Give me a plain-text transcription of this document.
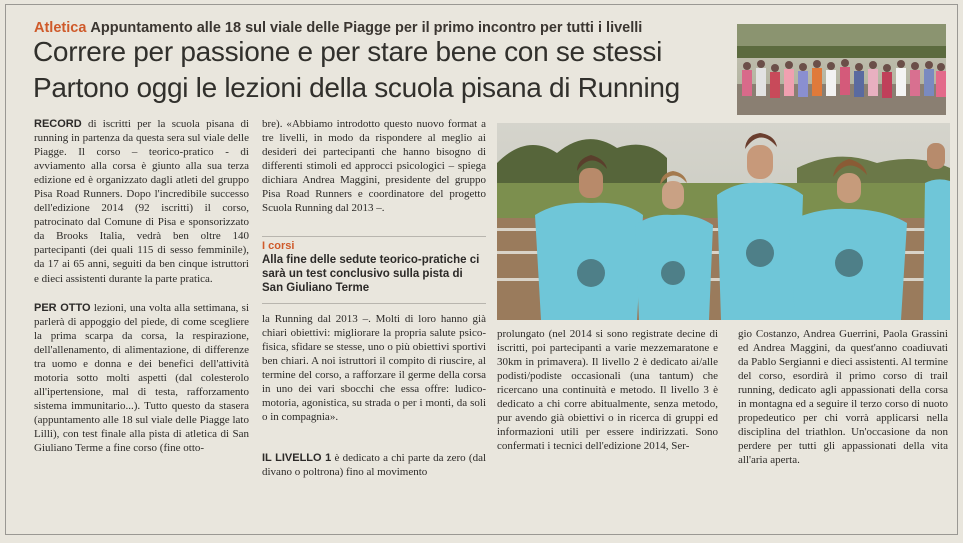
Atletica Appuntamento alle 18 sul viale delle Piagge per il primo incontro per tutti i livelli
Correre per passione e per stare bene con se stessi
Partono oggi le lezioni della scuola pisana di Running

RECORD di iscritti per la scuola pisana di running in partenza da questa sera sul viale delle Piagge. Il corso – teorico-pratico - di avviamento alla corsa è giunto alla sua terza edizione ed è organizzato dagli atleti del gruppo Pisa Road Runners. Dopo l'incredibile successo dell'edizione 2014 (92 iscritti) il corso, patrocinato dal Comune di Pisa e sponsorizzato da Brooks Italia, vedrà ben oltre 140 partecipanti (dei quali 115 di sesso femminile), da 17 ai 65 anni, seguiti da ben cinque istruttori e dieci assistenti durante la parte pratica.

PER OTTO lezioni, una volta alla settimana, si parlerà di appoggio del piede, di come scegliere la prima scarpa da corsa, la respirazione, dell'allenamento, di alimentazione, di differenze tra uomo e donna e dei benefici dell'attività motoria sotto molti aspetti (dal colesterolo all'ipertensione, mal di testa, rafforzamento sistema immunitario...). Tutto questo da stasera (appuntamento alle 18 sul viale delle Piagge lato Lilli), con test finale alla pista di atletica di San Giuliano Terme a fine corso (fine otto-

bre). «Abbiamo introdotto questo nuovo format a tre livelli, in modo da rispondere al meglio ai desideri dei partecipanti che hanno bisogno di differenti stimoli ed approcci psicologici – spiega dichiara Andrea Maggini, presidente del gruppo Pisa Road Runners e coordinatore del progetto Scuola Running dal 2013 –.

I corsi
Alla fine delle sedute teorico-pratiche ci sarà un test conclusivo sulla pista di San Giuliano Terme

la Running dal 2013 –. Molti di loro hanno già chiari obiettivi: migliorare la propria salute psico-fisica, sfidare se stesse, uno o più obiettivi sportivi ben chiari. A noi istruttori il compito di riuscire, al termine del corso, a rafforzare il germe della corsa in uno dei vari sbocchi che essa offre: ludico-motoria, agonistica, su strada o per i monti, da soli o in compagnia».

IL LIVELLO 1 è dedicato a chi parte da zero (dal divano o poltrona) fino al movimento

prolungato (nel 2014 si sono registrate decine di iscritti, poi partecipanti a varie mezzemaratone e 30km in primavera). Il livello 2 è dedicato ai/alle podisti/podiste occasionali (una tantum) che ricercano una continuità e metodo. Il livello 3 è dedicato a chi corre abitualmente, senza metodo, pur avendo già obiettivi o in ricerca di gruppi ed informazioni utili per essere indirizzati. Sono confermati i tecnici dell'edizione 2014, Ser-

gio Costanzo, Andrea Guerrini, Paola Grassini ed Andrea Maggini, da quest'anno coadiuvati da Pablo Sergianni e dieci assistenti. Al termine del corso, esordirà il primo corso di trail running, dedicato agli appassionati della corsa in montagna ed a seguire il terzo corso di nuoto propedeutico per chi vorrà applicarsi nella disciplina del triathlon. Un'occasione da non perdere per tutti gli appassionati della vita all'aria aperta.
